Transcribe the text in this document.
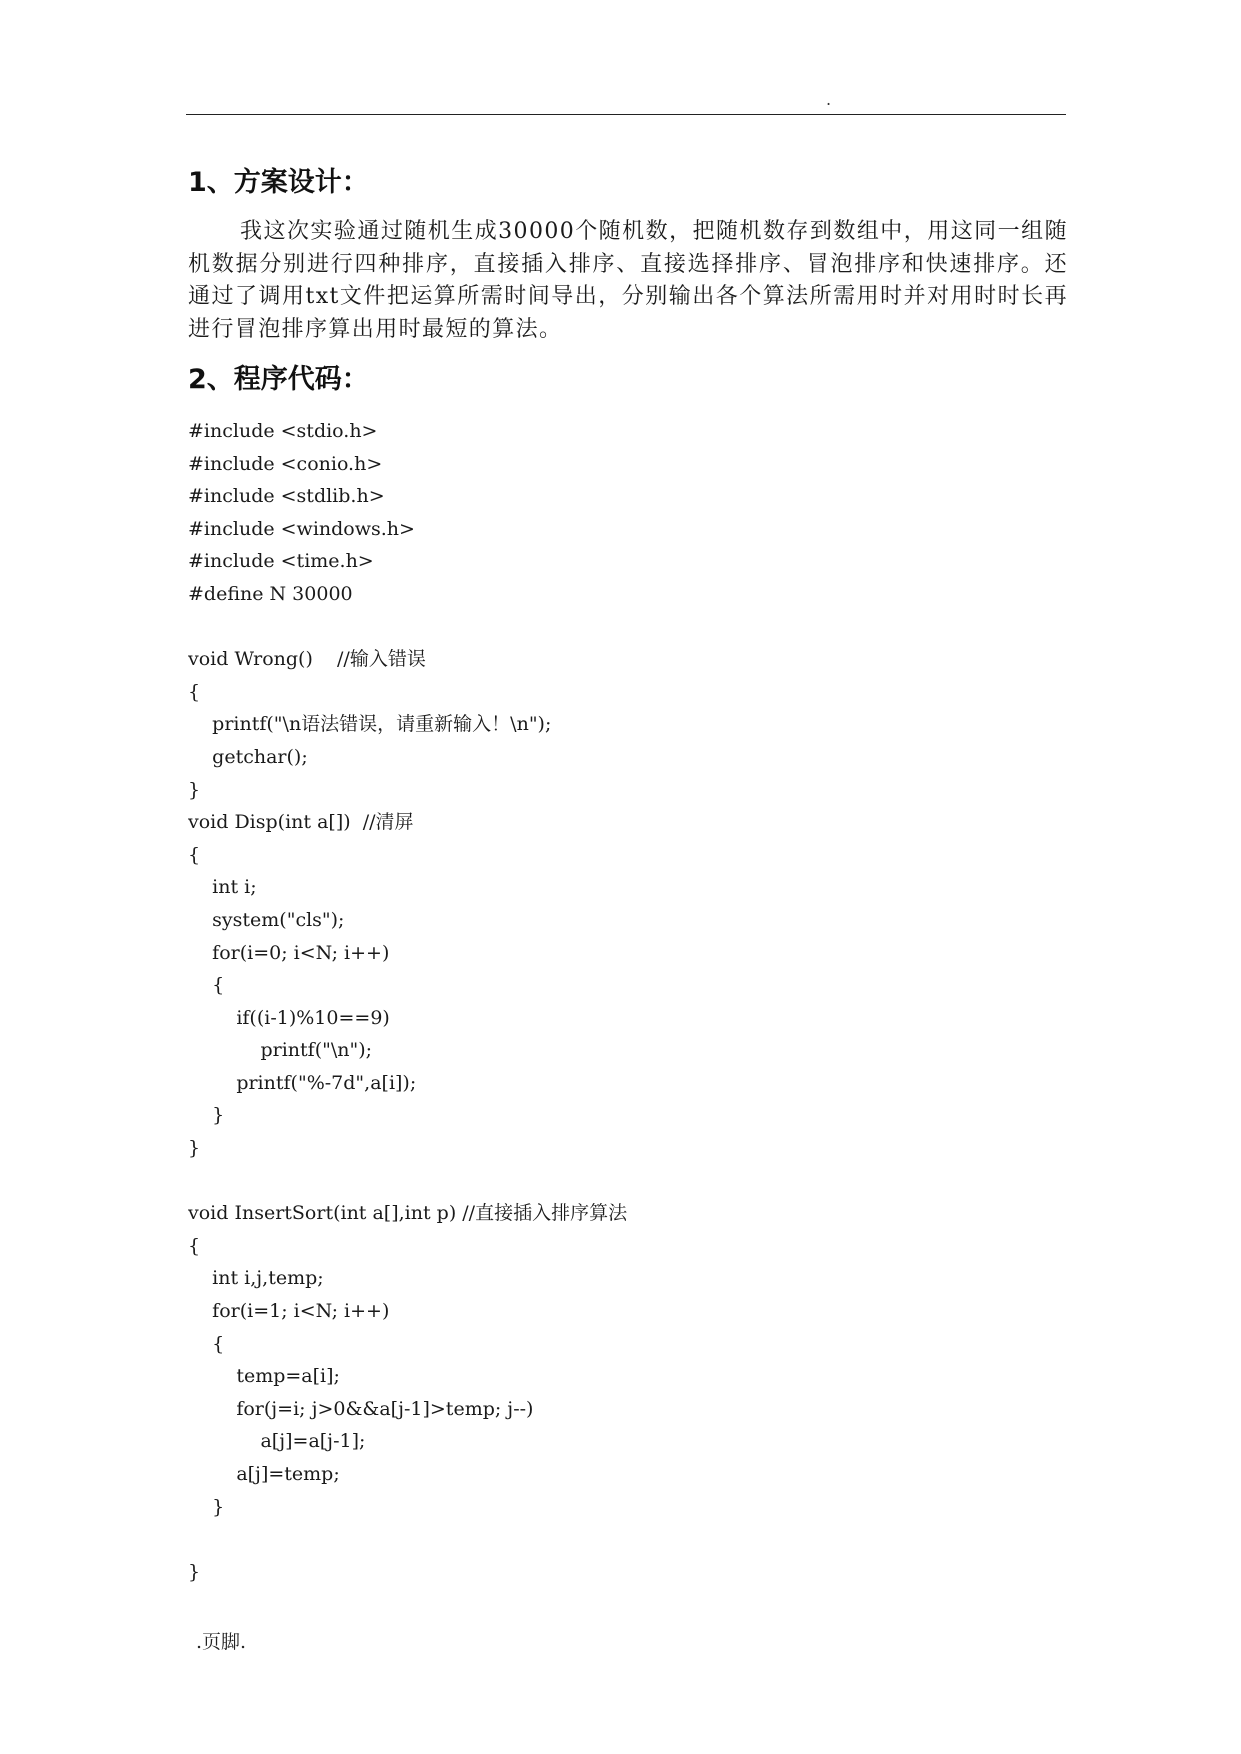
.
1、方案设计：

我这次实验通过随机生成30000个随机数，把随机数存到数组中，用这同一组随机数据分别进行四种排序，直接插入排序、直接选择排序、冒泡排序和快速排序。还通过了调用txt文件把运算所需时间导出，分别输出各个算法所需用时并对用时时长再进行冒泡排序算出用时最短的算法。

2、程序代码：
#include <stdio.h>
#include <conio.h>
#include <stdlib.h>
#include <windows.h>
#include <time.h>
#define N 30000
void Wrong()    //输入错误
{
printf("\n语法错误，请重新输入！\n");
getchar();
}
void Disp(int a[])  //清屏
{
int i;
system("cls");
for(i=0; i<N; i++)
{
if((i-1)%10==9)
printf("\n");
printf("%-7d",a[i]);
}
}
void InsertSort(int a[],int p) //直接插入排序算法
{
int i,j,temp;
for(i=1; i<N; i++)
{
temp=a[i];
for(j=i; j>0&&a[j-1]>temp; j--)
a[j]=a[j-1];
a[j]=temp;
}
}
.页脚.
